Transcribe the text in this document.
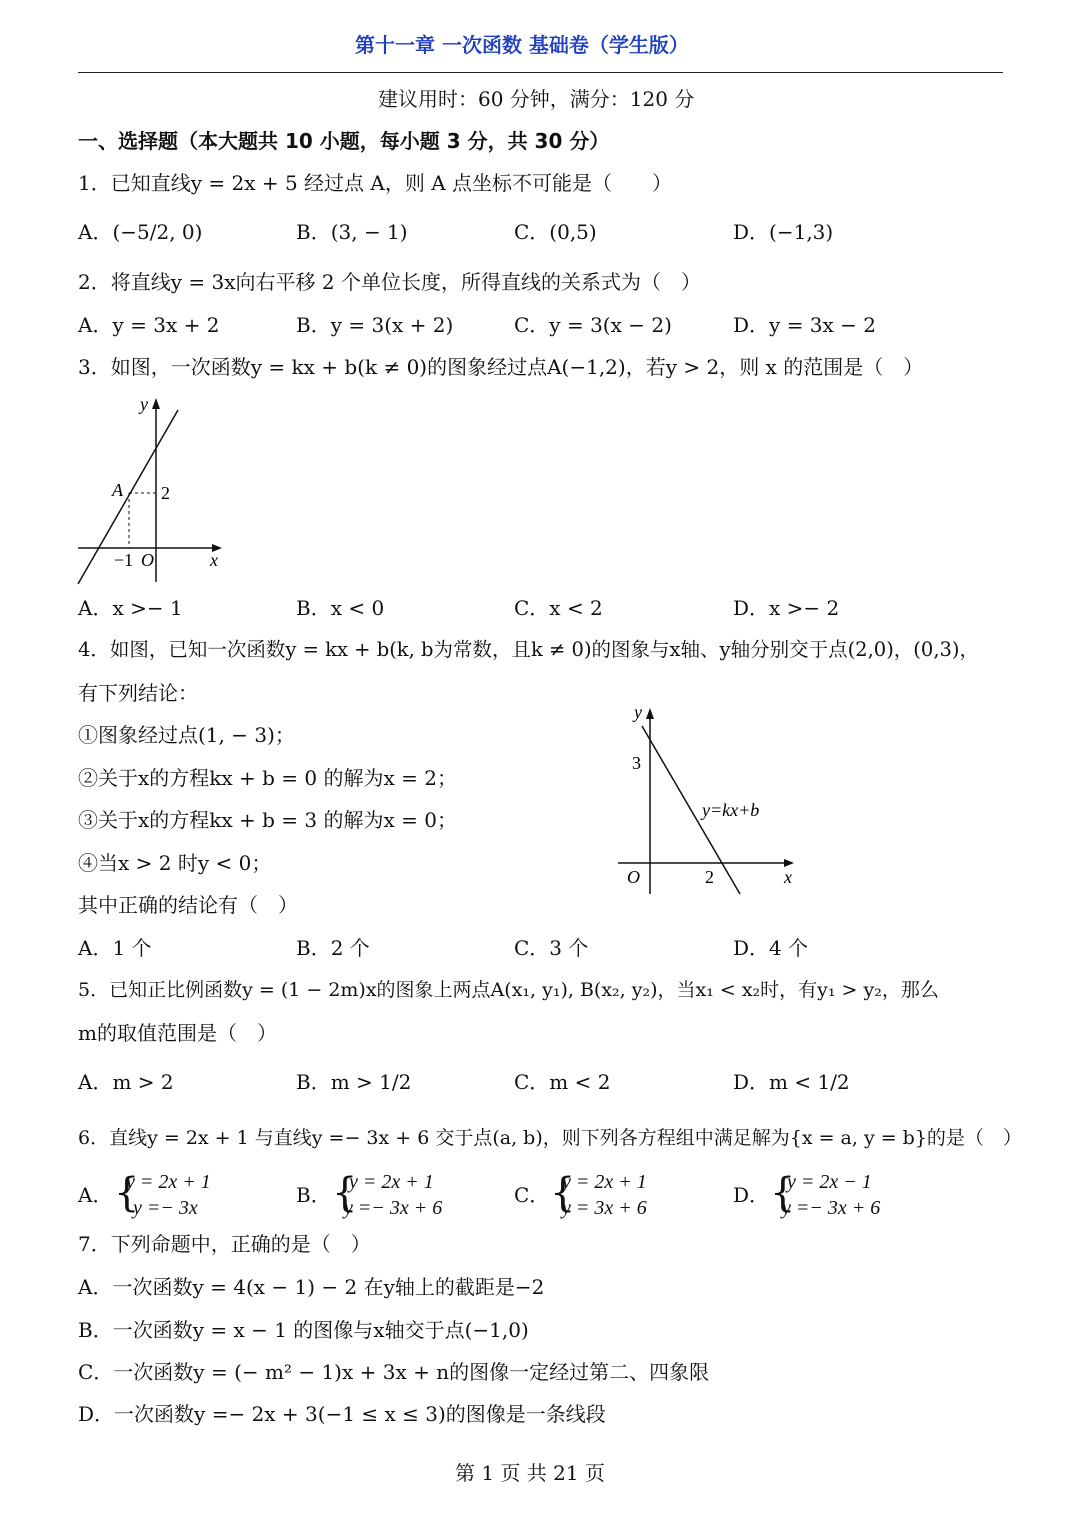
第十一章 一次函数 基础卷（学生版）
建议用时：60 分钟，满分：120 分
一、选择题（本大题共 10 小题，每小题 3 分，共 30 分）
1．已知直线y = 2x + 5 经过点 A，则 A 点坐标不可能是（　　）
A．(−5/2, 0)	B．(3, − 1)	C．(0,5)	D．(−1,3)
2．将直线y = 3x向右平移 2 个单位长度，所得直线的关系式为（　）
A．y = 3x + 2	B．y = 3(x + 2)	C．y = 3(x − 2)	D．y = 3x − 2
3．如图，一次函数y = kx + b(k ≠ 0)的图象经过点A(−1,2)，若y > 2，则 x 的范围是（　）
y
x
A 2
−1 O
A．x >− 1	B．x < 0	C．x < 2	D．x >− 2
4．如图，已知一次函数y = kx + b(k, b为常数，且k ≠ 0)的图象与x轴、y轴分别交于点(2,0)，(0,3)，
有下列结论：
①图象经过点(1, − 3)；
②关于x的方程kx + b = 0 的解为x = 2；
③关于x的方程kx + b = 3 的解为x = 0；
④当x > 2 时y < 0；
其中正确的结论有（　）
y
x
3
2
O
y=kx+b
A．1 个	B．2 个	C．3 个	D．4 个
5．已知正比例函数y = (1 − 2m)x的图象上两点A(x₁, y₁), B(x₂, y₂)，当x₁ < x₂时，有y₁ > y₂，那么
m的取值范围是（　）
A．m > 2	B．m > 1/2	C．m < 2	D．m < 1/2
6．直线y = 2x + 1 与直线y =− 3x + 6 交于点(a, b)，则下列各方程组中满足解为{x = a, y = b}的是（　）
A． {
y = 2x + 1
y =− 3x
B． {
y = 2x + 1
y =− 3x + 6
C． {
y = 2x + 1
y = 3x + 6
D． {
y = 2x − 1
y =− 3x + 6
7．下列命题中，正确的是（　）
A．一次函数y = 4(x − 1) − 2 在y轴上的截距是−2
B．一次函数y = x − 1 的图像与x轴交于点(−1,0)
C．一次函数y = (− m² − 1)x + 3x + n的图像一定经过第二、四象限
D．一次函数y =− 2x + 3(−1 ≤ x ≤ 3)的图像是一条线段
第 1 页 共 21 页
